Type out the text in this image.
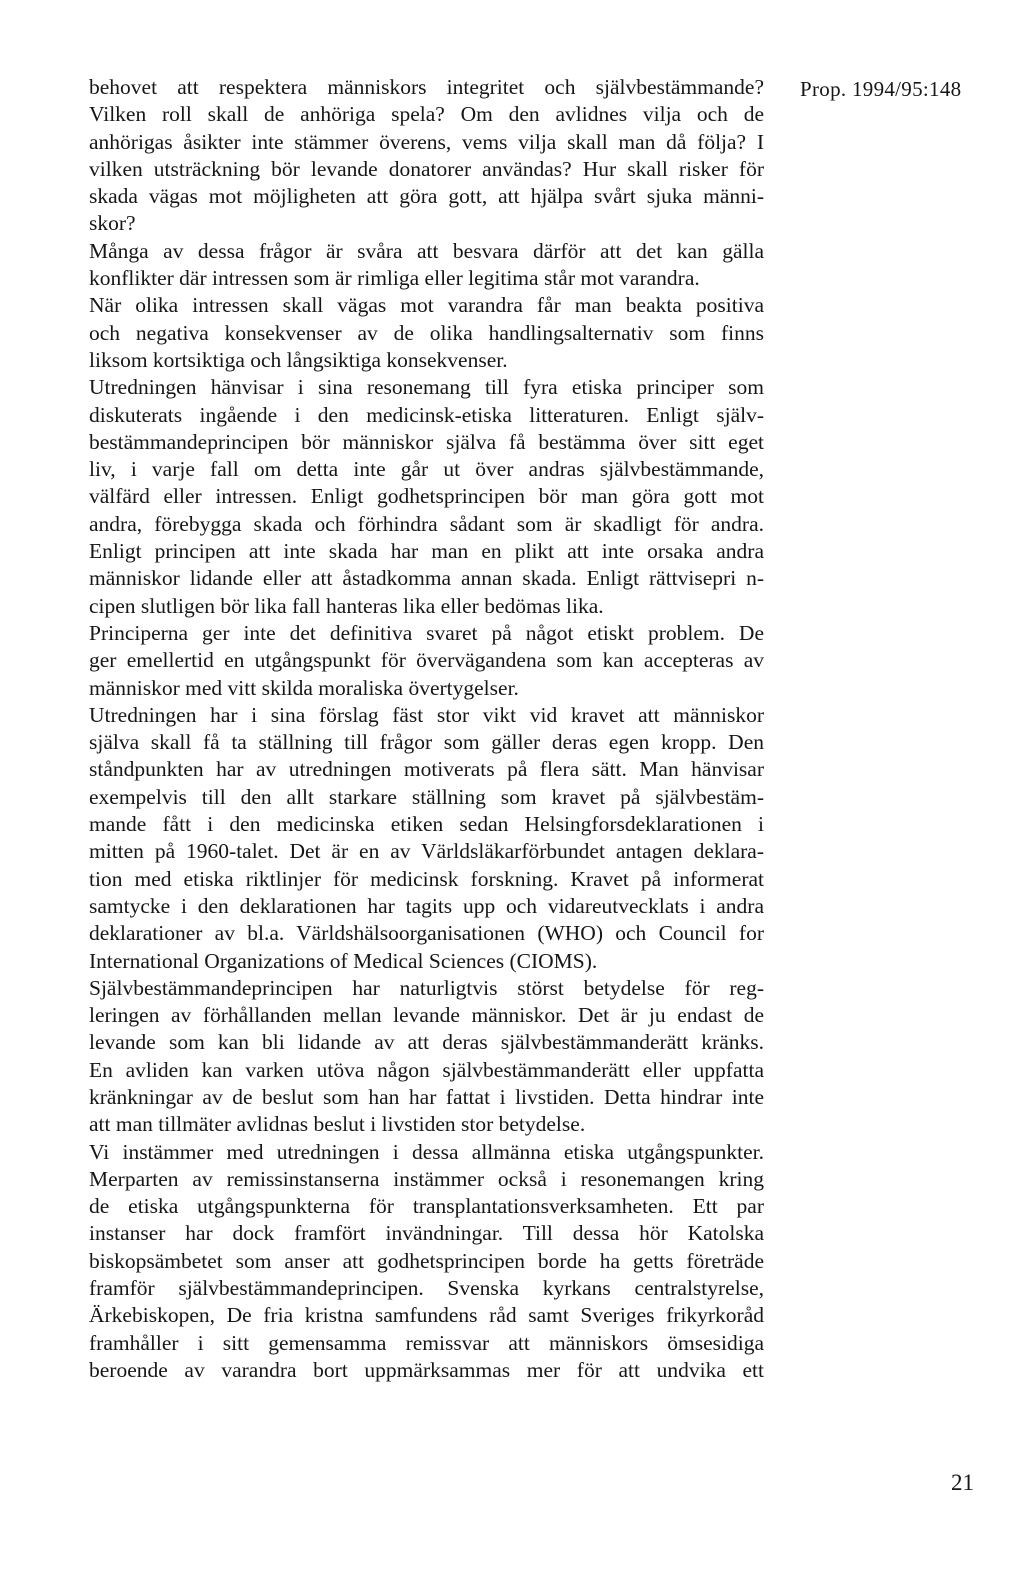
Prop. 1994/95:148

behovet att respektera människors integritet och självbestämmande?
Vilken roll skall de anhöriga spela? Om den avlidnes vilja och de
anhörigas åsikter inte stämmer överens, vems vilja skall man då följa? I
vilken utsträckning bör levande donatorer användas? Hur skall risker för
skada vägas mot möjligheten att göra gott, att hjälpa svårt sjuka männi-
skor?

Många av dessa frågor är svåra att besvara därför att det kan gälla
konflikter där intressen som är rimliga eller legitima står mot varandra.

När olika intressen skall vägas mot varandra får man beakta positiva
och negativa konsekvenser av de olika handlingsalternativ som finns
liksom kortsiktiga och långsiktiga konsekvenser.

Utredningen hänvisar i sina resonemang till fyra etiska principer som
diskuterats ingående i den medicinsk-etiska litteraturen. Enligt själv-
bestämmandeprincipen bör människor själva få bestämma över sitt eget
liv, i varje fall om detta inte går ut över andras självbestämmande,
välfärd eller intressen. Enligt godhetsprincipen bör man göra gott mot
andra, förebygga skada och förhindra sådant som är skadligt för andra.
Enligt principen att inte skada har man en plikt att inte orsaka andra
människor lidande eller att åstadkomma annan skada. Enligt rättvisepri n-
cipen slutligen bör lika fall hanteras lika eller bedömas lika.

Principerna ger inte det definitiva svaret på något etiskt problem. De
ger emellertid en utgångspunkt för övervägandena som kan accepteras av
människor med vitt skilda moraliska övertygelser.

Utredningen har i sina förslag fäst stor vikt vid kravet att människor
själva skall få ta ställning till frågor som gäller deras egen kropp. Den
ståndpunkten har av utredningen motiverats på flera sätt. Man hänvisar
exempelvis till den allt starkare ställning som kravet på självbestäm-
mande fått i den medicinska etiken sedan Helsingforsdeklarationen i
mitten på 1960-talet. Det är en av Världsläkarförbundet antagen deklara-
tion med etiska riktlinjer för medicinsk forskning. Kravet på informerat
samtycke i den deklarationen har tagits upp och vidareutvecklats i andra
deklarationer av bl.a. Världshälsoorganisationen (WHO) och Council for
International Organizations of Medical Sciences (CIOMS).

Självbestämmandeprincipen har naturligtvis störst betydelse för reg-
leringen av förhållanden mellan levande människor. Det är ju endast de
levande som kan bli lidande av att deras självbestämmanderätt kränks.
En avliden kan varken utöva någon självbestämmanderätt eller uppfatta
kränkningar av de beslut som han har fattat i livstiden. Detta hindrar inte
att man tillmäter avlidnas beslut i livstiden stor betydelse.

Vi instämmer med utredningen i dessa allmänna etiska utgångspunkter.
Merparten av remissinstanserna instämmer också i resonemangen kring
de etiska utgångspunkterna för transplantationsverksamheten. Ett par
instanser har dock framfört invändningar. Till dessa hör Katolska
biskopsämbetet som anser att godhetsprincipen borde ha getts företräde
framför självbestämmandeprincipen. Svenska kyrkans centralstyrelse,
Ärkebiskopen, De fria kristna samfundens råd samt Sveriges frikyrkoråd
framhåller i sitt gemensamma remissvar att människors ömsesidiga
beroende av varandra bort uppmärksammas mer för att undvika ett

21
